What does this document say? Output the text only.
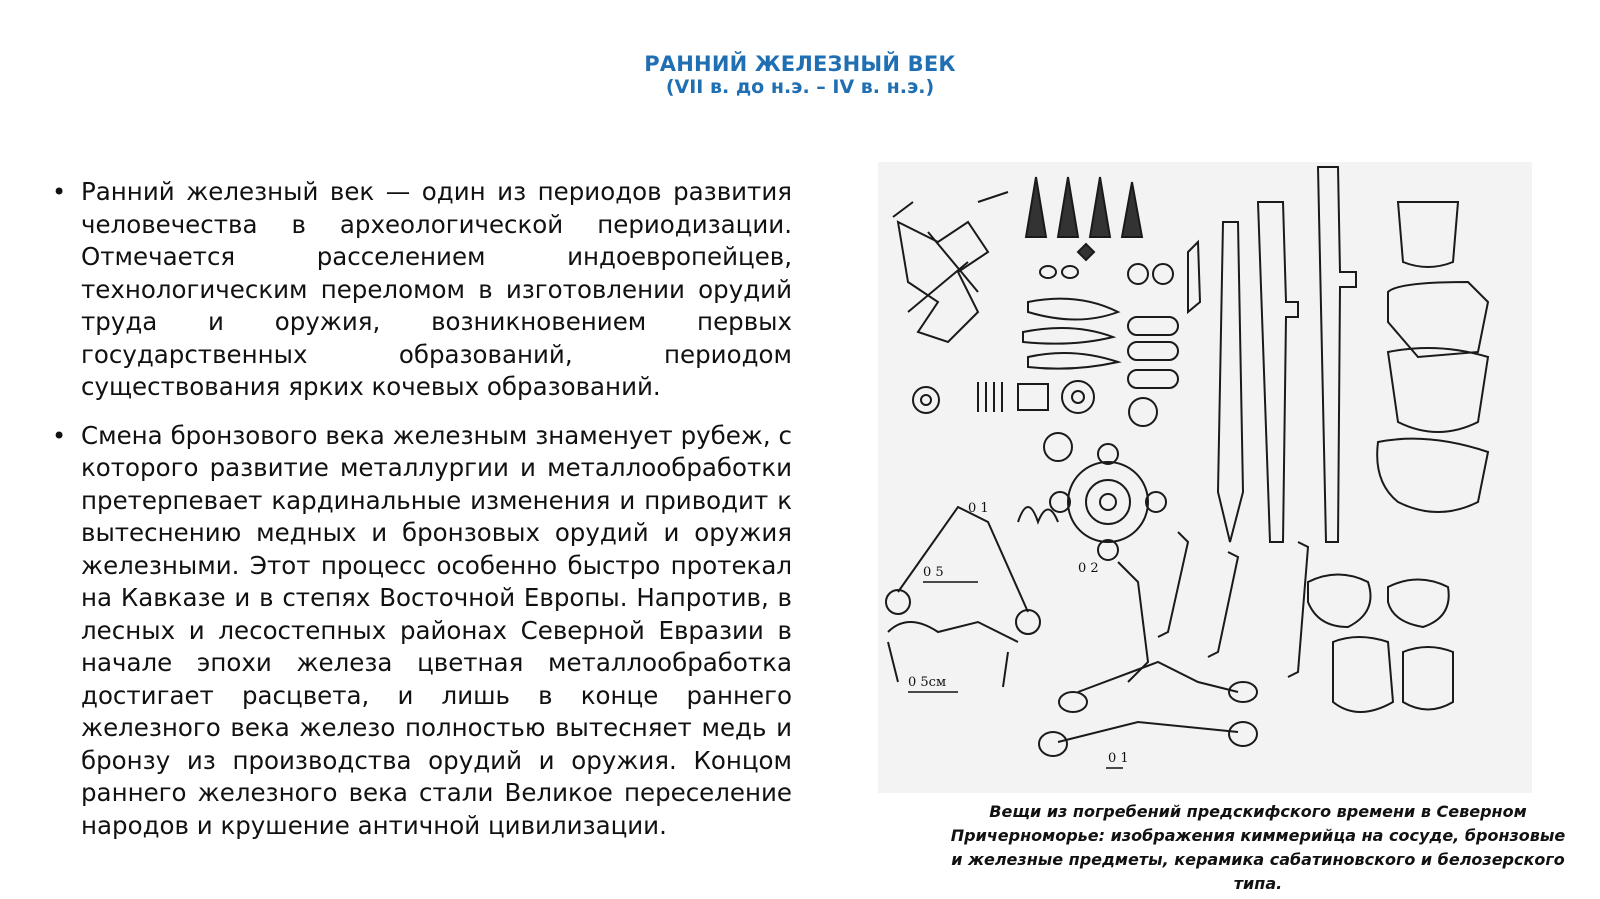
РАННИЙ ЖЕЛЕЗНЫЙ ВЕК
(VII в. до н.э. – IV в. н.э.)
• Ранний железный век — один из периодов развития человечества в археологической периодизации. Отмечается расселением индоевропейцев, технологическим переломом в изготовлении орудий труда и оружия, возникновением первых государственных образований, периодом существования ярких кочевых образований.
• Смена бронзового века железным знаменует рубеж, с которого развитие металлургии и металлообработки претерпевает кардинальные изменения и приводит к вытеснению медных и бронзовых орудий и оружия железными. Этот процесс особенно быстро протекал на Кавказе и в степях Восточной Европы. Напротив, в лесных и лесостепных районах Северной Евразии в начале эпохи железа цветная металлообработка достигает расцвета, и лишь в конце раннего железного века железо полностью вытесняет медь и бронзу из производства орудий и оружия. Концом раннего железного века стали Великое переселение народов и крушение античной цивилизации.
0 1
0 5	0 2
0 5см
0 1
Вещи из погребений предскифского времени в Северном Причерноморье: изображения киммерийца на сосуде, бронзовые и железные предметы, керамика сабатиновского и белозерского типа.
